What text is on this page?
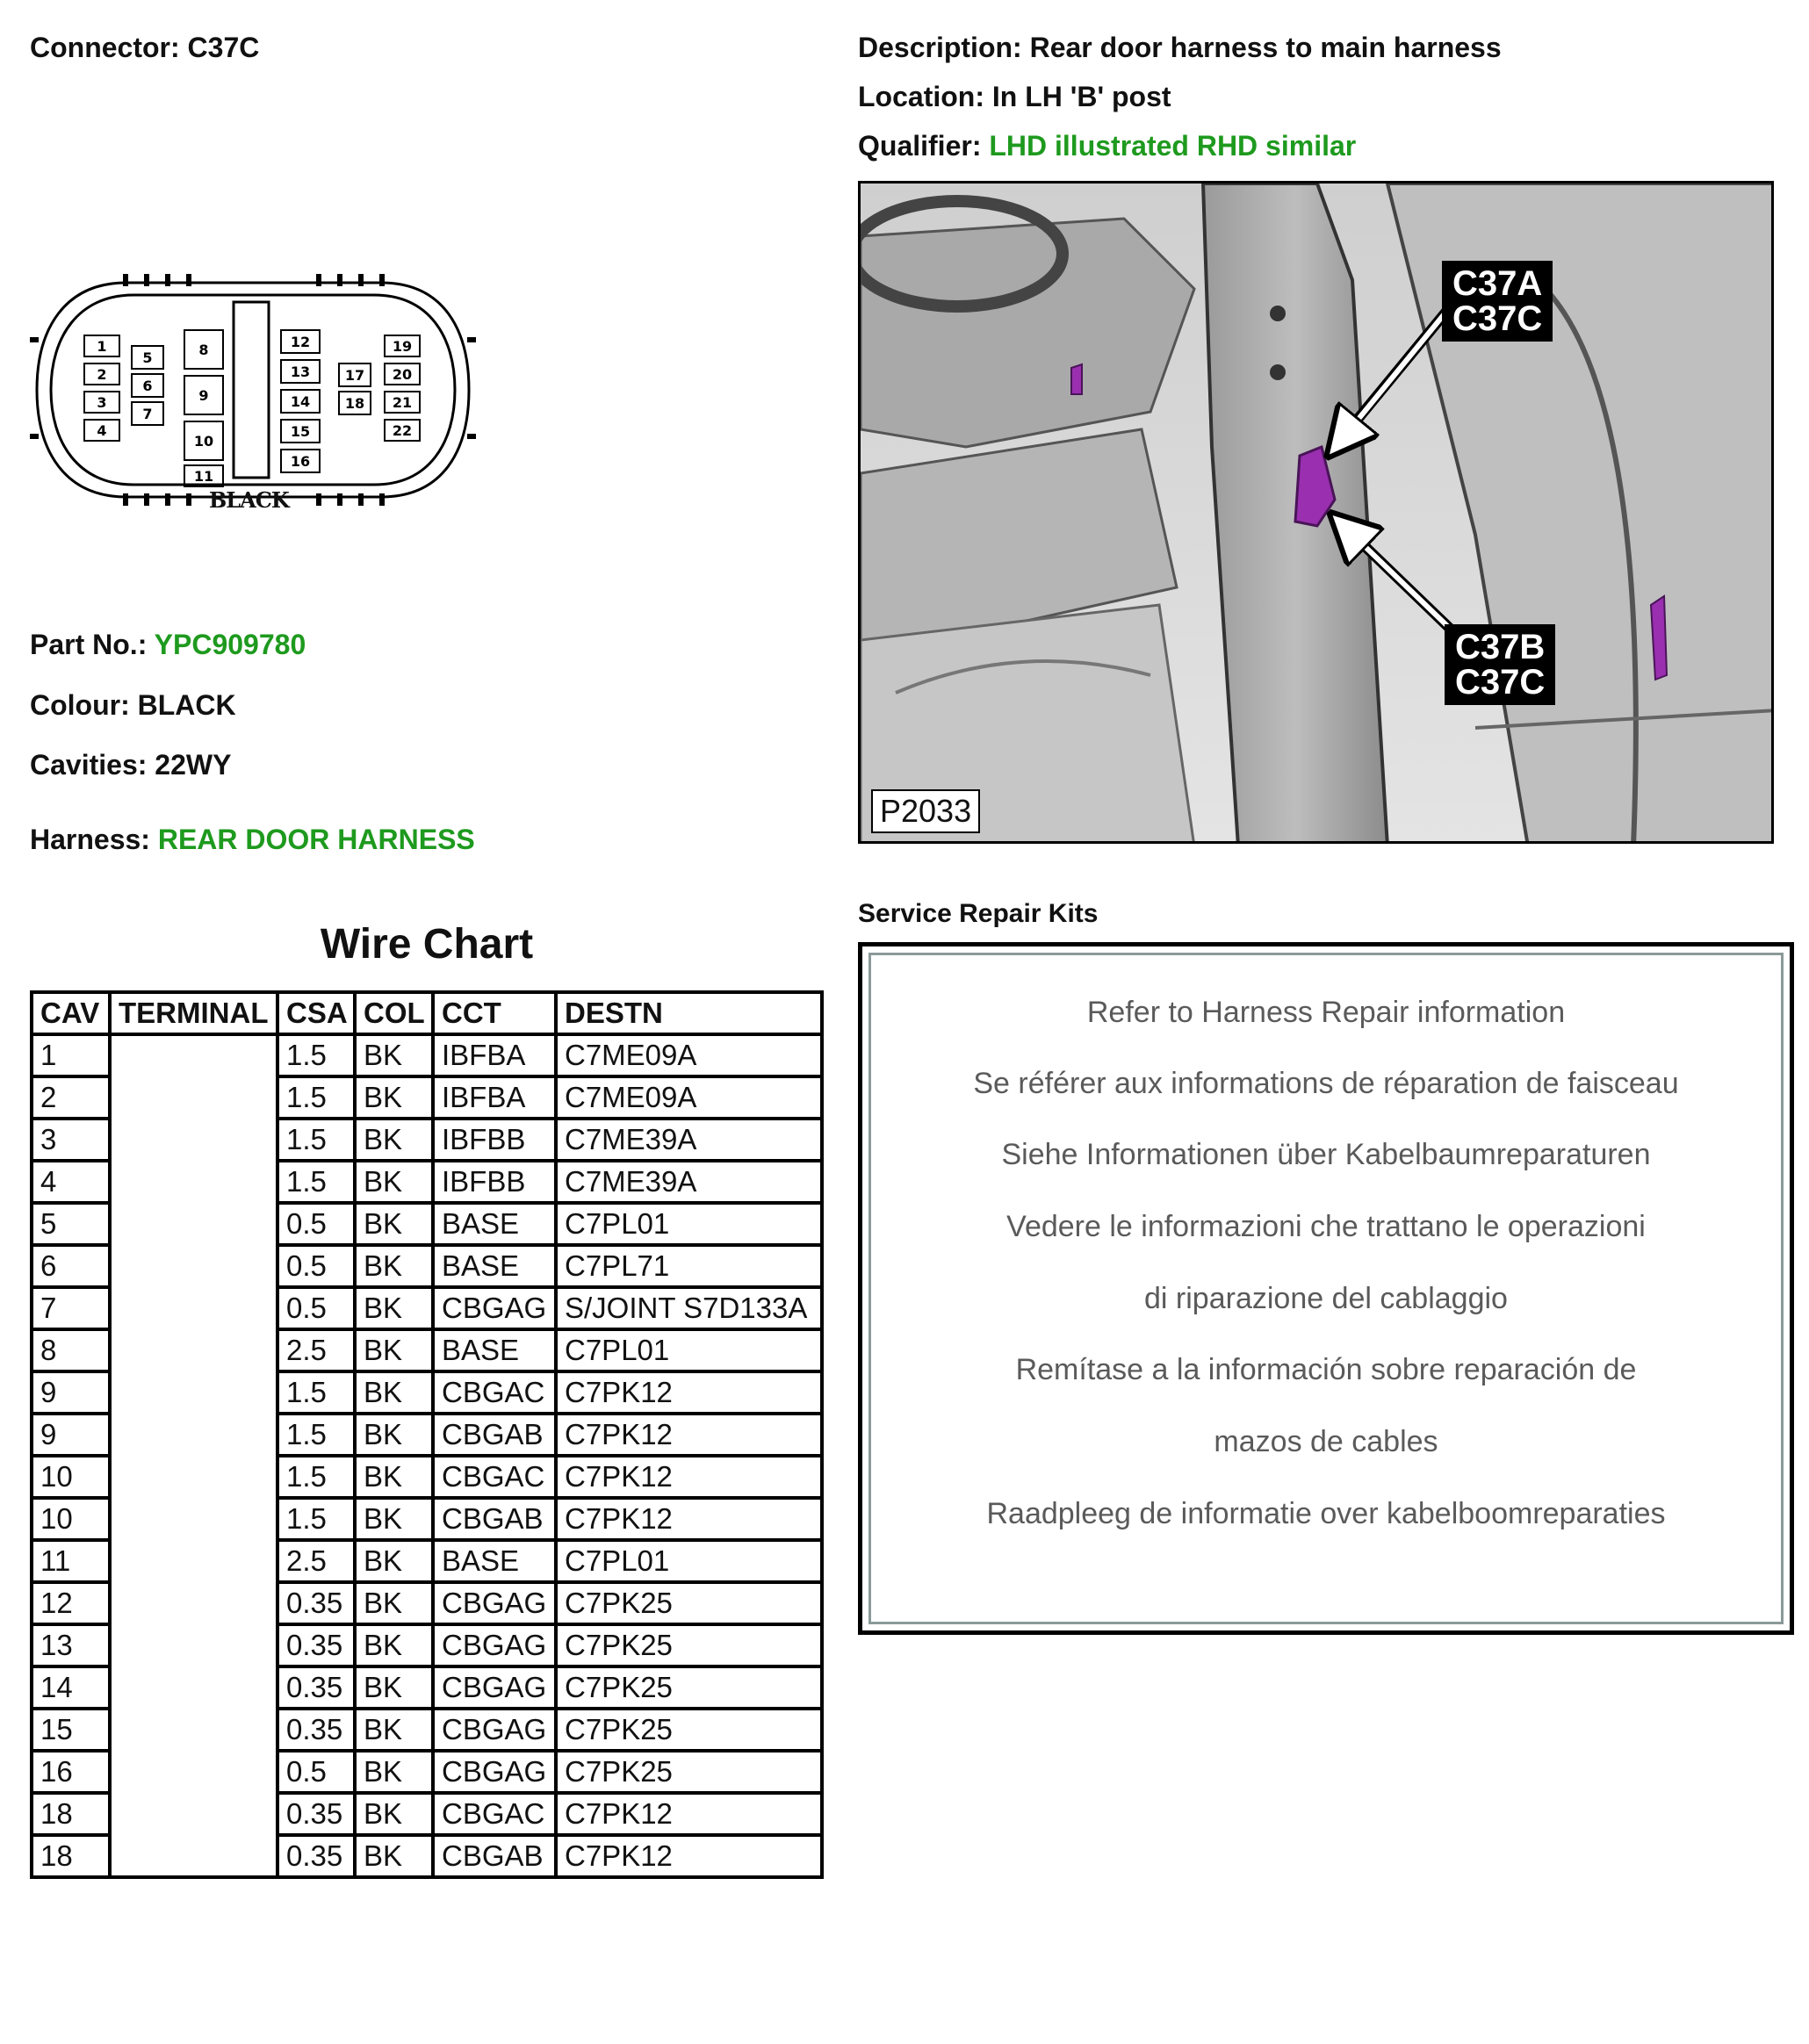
Connector: C37C	Description: Rear door harness to main harness
Location: In LH 'B' post
Qualifier: LHD illustrated RHD similar
1
2
3
4
5
6
7
8
9
10
11
12
13
14
15
16
17
18
19
20
21
22
BLACK
Part No.: YPC909780
Colour: BLACK
Cavities: 22WY
Harness: REAR DOOR HARNESS
Wire Chart
CAV	TERMINAL	CSA	COL	CCT	DESTN
1		1.5	BK	IBFBA	C7ME09A
2		1.5	BK	IBFBA	C7ME09A
3		1.5	BK	IBFBB	C7ME39A
4		1.5	BK	IBFBB	C7ME39A
5		0.5	BK	BASE	C7PL01
6		0.5	BK	BASE	C7PL71
7		0.5	BK	CBGAG	S/JOINT S7D133A
8		2.5	BK	BASE	C7PL01
9		1.5	BK	CBGAC	C7PK12
9		1.5	BK	CBGAB	C7PK12
10		1.5	BK	CBGAC	C7PK12
10		1.5	BK	CBGAB	C7PK12
11		2.5	BK	BASE	C7PL01
12		0.35	BK	CBGAG	C7PK25
13		0.35	BK	CBGAG	C7PK25
14		0.35	BK	CBGAG	C7PK25
15		0.35	BK	CBGAG	C7PK25
16		0.5	BK	CBGAG	C7PK25
18		0.35	BK	CBGAC	C7PK12
18		0.35	BK	CBGAB	C7PK12
C37A
C37C
C37B
C37C
P2033
Service Repair Kits
Refer to Harness Repair information
Se référer aux informations de réparation de faisceau
Siehe Informationen über Kabelbaumreparaturen
Vedere le informazioni che trattano le operazioni
di riparazione del cablaggio
Remítase a la información sobre reparación de
mazos de cables
Raadpleeg de informatie over kabelboomreparaties
